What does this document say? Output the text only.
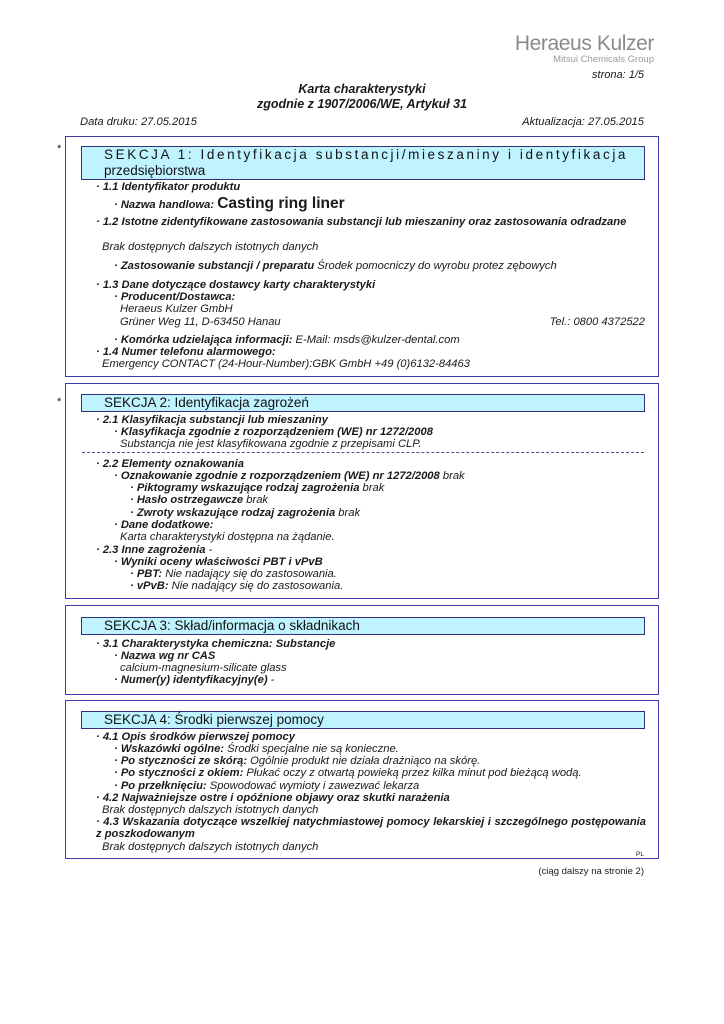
Heraeus Kulzer
Mitsui Chemicals Group
strona: 1/5
Karta charakterystyki
zgodnie z 1907/2006/WE, Artykuł 31
Data druku: 27.05.2015	Aktualizacja: 27.05.2015
*	SEKCJA 1: Identyfikacja substancji/mieszaniny i identyfikacja
przedsiębiorstwa
· 1.1 Identyfikator produktu
· Nazwa handlowa: Casting ring liner
· 1.2 Istotne zidentyfikowane zastosowania substancji lub mieszaniny oraz zastosowania odradzane
Brak dostępnych dalszych istotnych danych
· Zastosowanie substancji / preparatu Środek pomocniczy do wyrobu protez zębowych
· 1.3 Dane dotyczące dostawcy karty charakterystyki
· Producent/Dostawca:
Heraeus Kulzer GmbH
Grüner Weg 11, D-63450 Hanau	Tel.: 0800 4372522
· Komórka udzielająca informacji: E-Mail: msds@kulzer-dental.com
· 1.4 Numer telefonu alarmowego:
Emergency CONTACT (24-Hour-Number):GBK GmbH +49 (0)6132-84463
*	SEKCJA 2: Identyfikacja zagrożeń
· 2.1 Klasyfikacja substancji lub mieszaniny
· Klasyfikacja zgodnie z rozporządzeniem (WE) nr 1272/2008
Substancja nie jest klasyfikowana zgodnie z przepisami CLP.
· 2.2 Elementy oznakowania
· Oznakowanie zgodnie z rozporządzeniem (WE) nr 1272/2008 brak
· Piktogramy wskazujące rodzaj zagrożenia brak
· Hasło ostrzegawcze brak
· Zwroty wskazujące rodzaj zagrożenia brak
· Dane dodatkowe:
Karta charakterystyki dostępna na żądanie.
· 2.3 Inne zagrożenia -
· Wyniki oceny właściwości PBT i vPvB
· PBT: Nie nadający się do zastosowania.
· vPvB: Nie nadający się do zastosowania.
SEKCJA 3: Skład/informacja o składnikach
· 3.1 Charakterystyka chemiczna: Substancje
· Nazwa wg nr CAS
calcium-magnesium-silicate glass
· Numer(y) identyfikacyjny(e) -
SEKCJA 4: Środki pierwszej pomocy
· 4.1 Opis środków pierwszej pomocy
· Wskazówki ogólne: Środki specjalne nie są konieczne.
· Po styczności ze skórą: Ogólnie produkt nie działa drażniąco na skórę.
· Po styczności z okiem: Płukać oczy z otwartą powieką przez kilka minut pod bieżącą wodą.
· Po przełknięciu: Spowodować wymioty i zawezwać lekarza
· 4.2 Najważniejsze ostre i opóźnione objawy oraz skutki narażenia
Brak dostępnych dalszych istotnych danych
· 4.3 Wskazania dotyczące wszelkiej natychmiastowej pomocy lekarskiej i szczególnego postępowania z poszkodowanym
Brak dostępnych dalszych istotnych danych
PL
(ciąg dalszy na stronie 2)
